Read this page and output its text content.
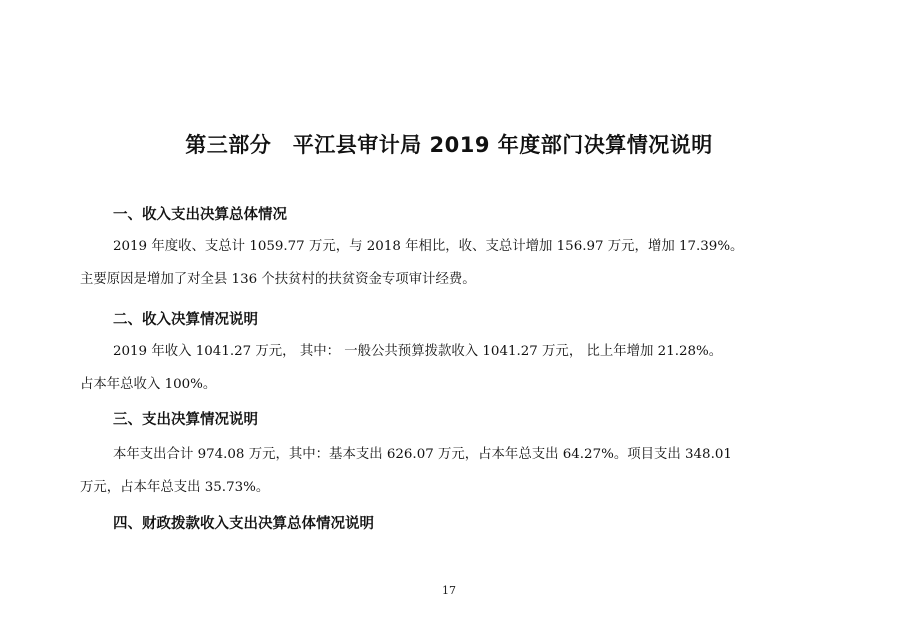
第三部分　平江县审计局 2019 年度部门决算情况说明
一、收入支出决算总体情况
2019 年度收、支总计 1059.77 万元，与 2018 年相比，收、支总计增加 156.97 万元，增加 17.39%。
主要原因是增加了对全县 136 个扶贫村的扶贫资金专项审计经费。
二、收入决算情况说明
2019 年收入 1041.27 万元， 其中： 一般公共预算拨款收入 1041.27 万元， 比上年增加 21.28%。
占本年总收入 100%。
三、支出决算情况说明
本年支出合计 974.08 万元，其中：基本支出 626.07 万元，占本年总支出 64.27%。项目支出 348.01
万元，占本年总支出 35.73%。
四、财政拨款收入支出决算总体情况说明
17
